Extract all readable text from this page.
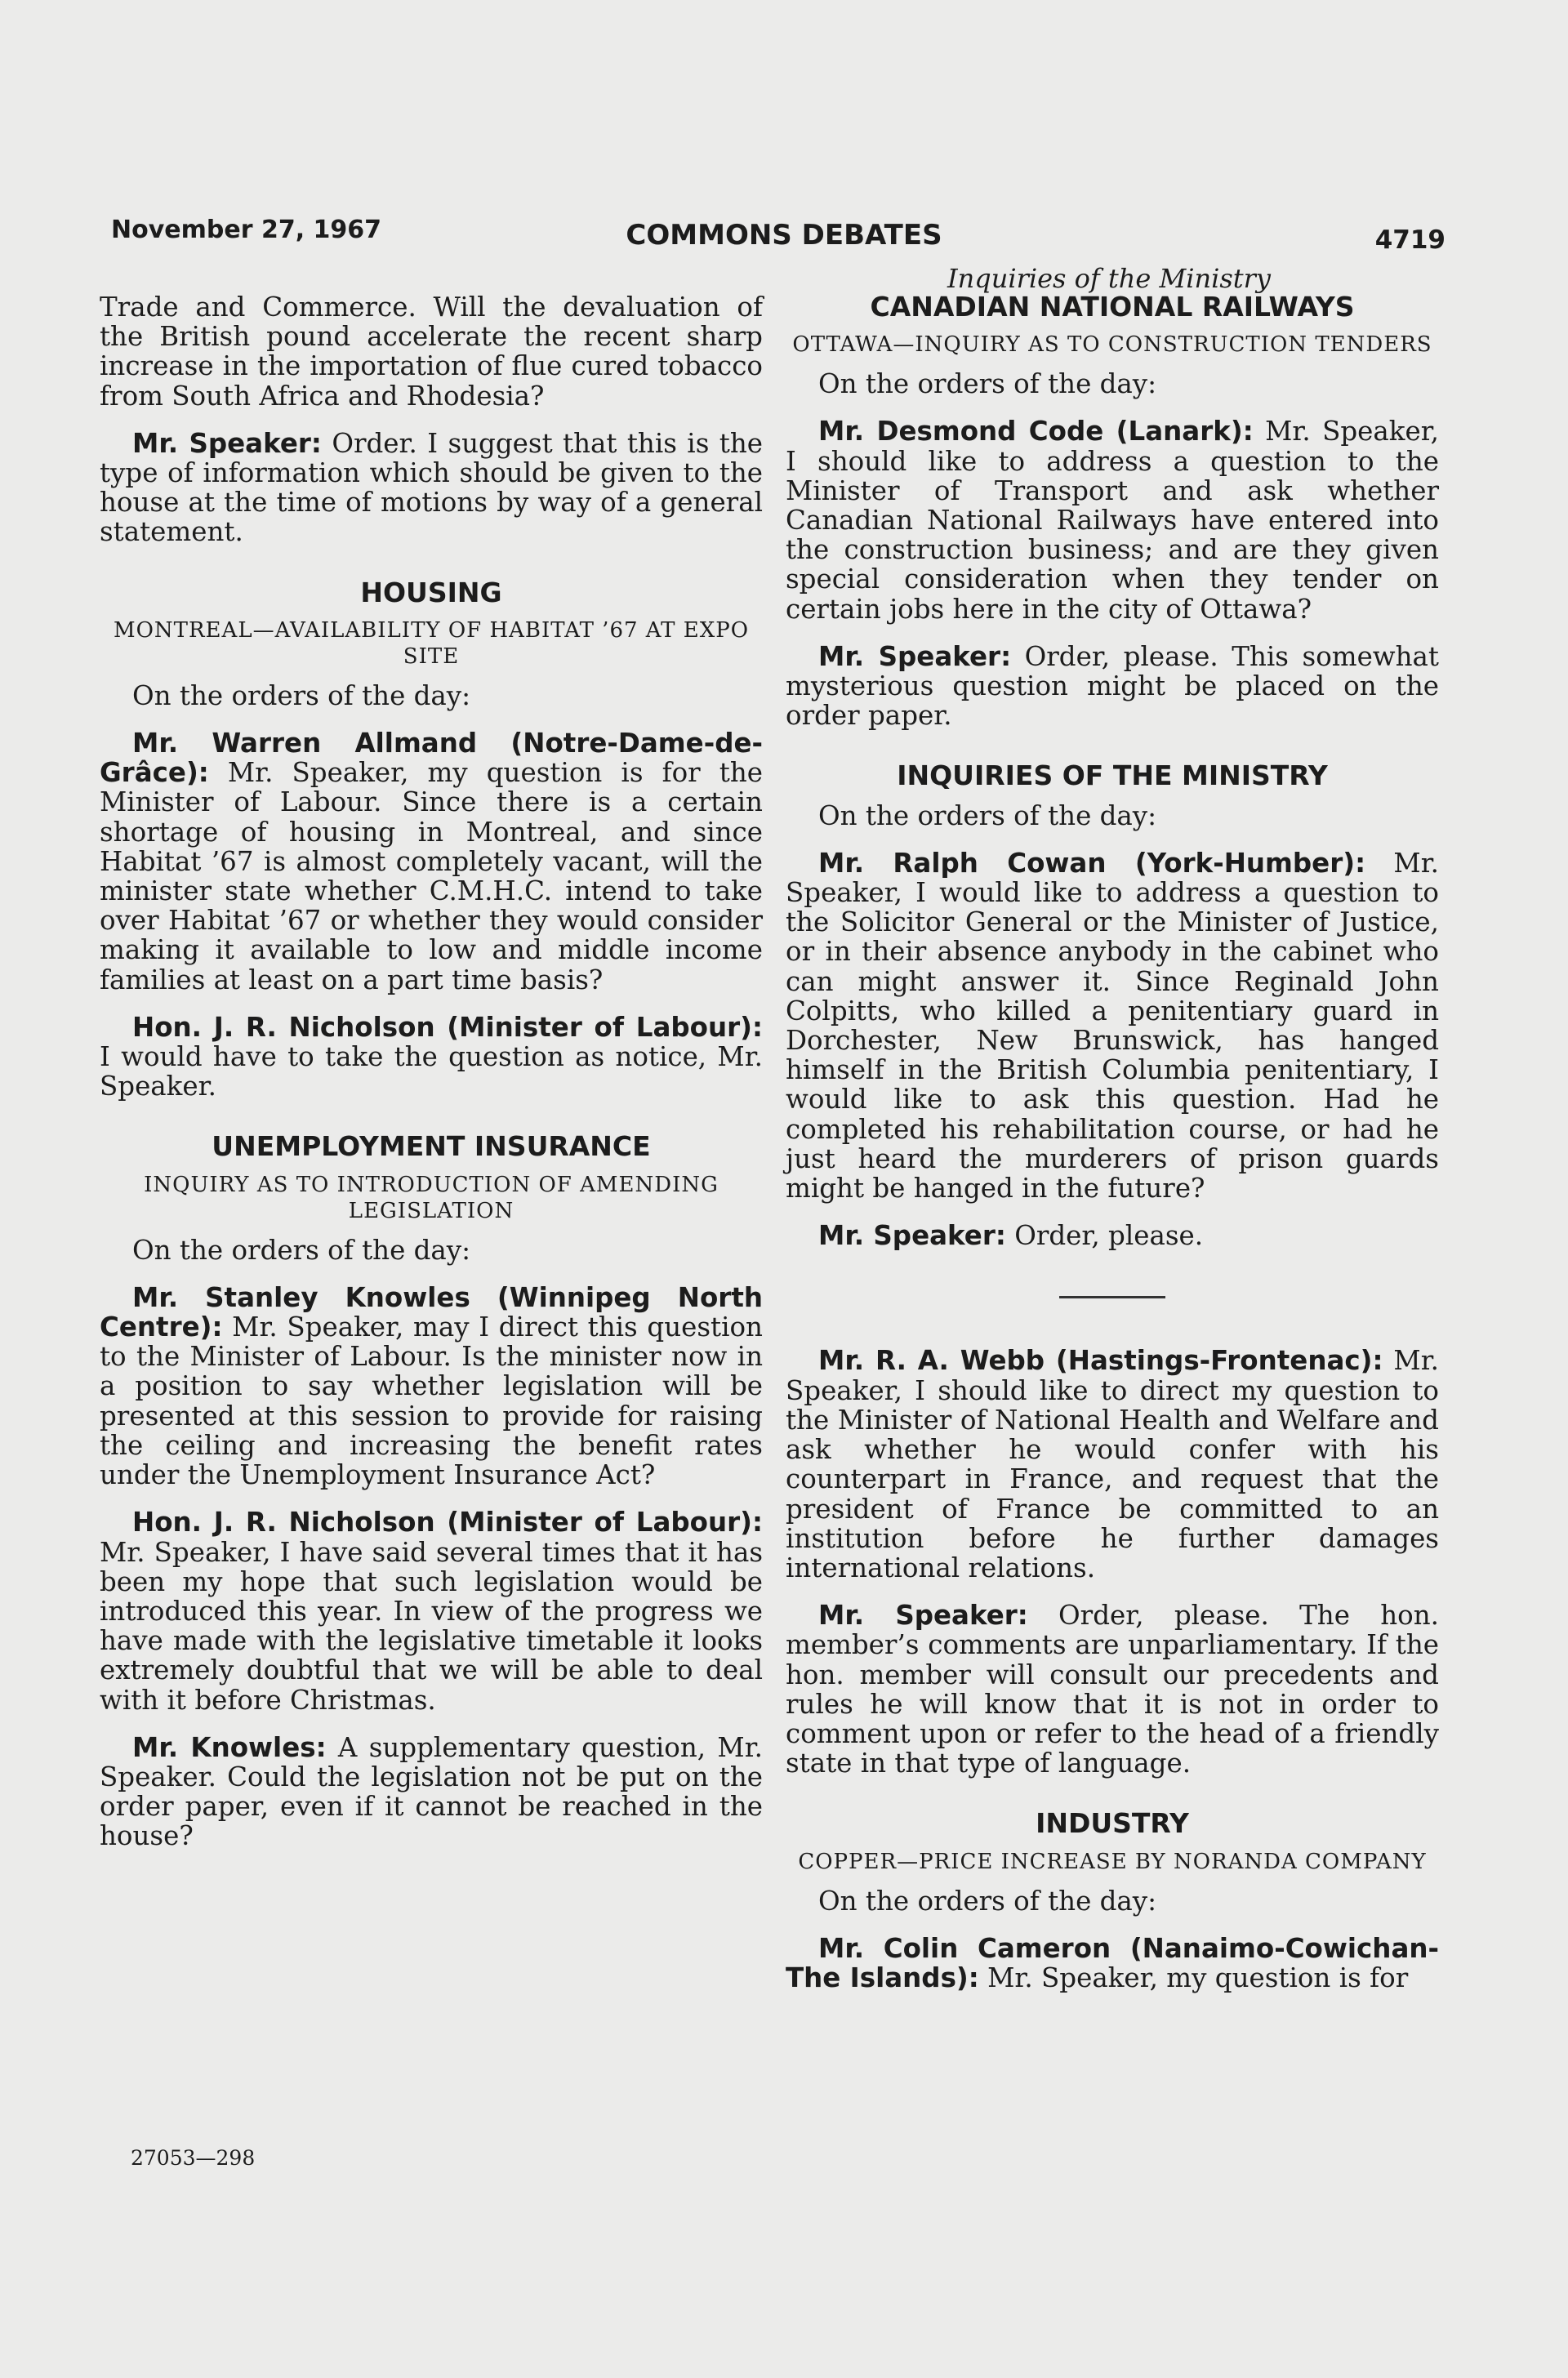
November 27, 1967	COMMONS DEBATES	4719
Inquiries of the Ministry

Trade and Commerce. Will the devaluation of the British pound accelerate the recent sharp increase in the importation of flue cured tobacco from South Africa and Rhodesia?

Mr. Speaker: Order. I suggest that this is the type of information which should be given to the house at the time of motions by way of a general statement.

HOUSING
MONTREAL—AVAILABILITY OF HABITAT ’67 AT EXPO SITE

On the orders of the day:

Mr. Warren Allmand (Notre-Dame-de-Grâce): Mr. Speaker, my question is for the Minister of Labour. Since there is a certain shortage of housing in Montreal, and since Habitat ’67 is almost completely vacant, will the minister state whether C.M.H.C. intend to take over Habitat ’67 or whether they would consider making it available to low and middle income families at least on a part time basis?

Hon. J. R. Nicholson (Minister of Labour): I would have to take the question as notice, Mr. Speaker.

UNEMPLOYMENT INSURANCE
INQUIRY AS TO INTRODUCTION OF AMENDING LEGISLATION

On the orders of the day:

Mr. Stanley Knowles (Winnipeg North Centre): Mr. Speaker, may I direct this question to the Minister of Labour. Is the minister now in a position to say whether legislation will be presented at this session to provide for raising the ceiling and increasing the benefit rates under the Unemployment Insurance Act?

Hon. J. R. Nicholson (Minister of Labour): Mr. Speaker, I have said several times that it has been my hope that such legislation would be introduced this year. In view of the progress we have made with the legislative timetable it looks extremely doubtful that we will be able to deal with it before Christmas.

Mr. Knowles: A supplementary question, Mr. Speaker. Could the legislation not be put on the order paper, even if it cannot be reached in the house?

CANADIAN NATIONAL RAILWAYS
OTTAWA—INQUIRY AS TO CONSTRUCTION TENDERS

On the orders of the day:

Mr. Desmond Code (Lanark): Mr. Speaker, I should like to address a question to the Minister of Transport and ask whether Canadian National Railways have entered into the construction business; and are they given special consideration when they tender on certain jobs here in the city of Ottawa?

Mr. Speaker: Order, please. This somewhat mysterious question might be placed on the order paper.

INQUIRIES OF THE MINISTRY

On the orders of the day:

Mr. Ralph Cowan (York-Humber): Mr. Speaker, I would like to address a question to the Solicitor General or the Minister of Justice, or in their absence anybody in the cabinet who can might answer it. Since Reginald John Colpitts, who killed a penitentiary guard in Dorchester, New Brunswick, has hanged himself in the British Columbia penitentiary, I would like to ask this question. Had he completed his rehabilitation course, or had he just heard the murderers of prison guards might be hanged in the future?

Mr. Speaker: Order, please.

Mr. R. A. Webb (Hastings-Frontenac): Mr. Speaker, I should like to direct my question to the Minister of National Health and Welfare and ask whether he would confer with his counterpart in France, and request that the president of France be committed to an institution before he further damages international relations.

Mr. Speaker: Order, please. The hon. member’s comments are unparliamentary. If the hon. member will consult our precedents and rules he will know that it is not in order to comment upon or refer to the head of a friendly state in that type of language.

INDUSTRY
COPPER—PRICE INCREASE BY NORANDA COMPANY

On the orders of the day:

Mr. Colin Cameron (Nanaimo-Cowichan-The Islands): Mr. Speaker, my question is for

27053—298
